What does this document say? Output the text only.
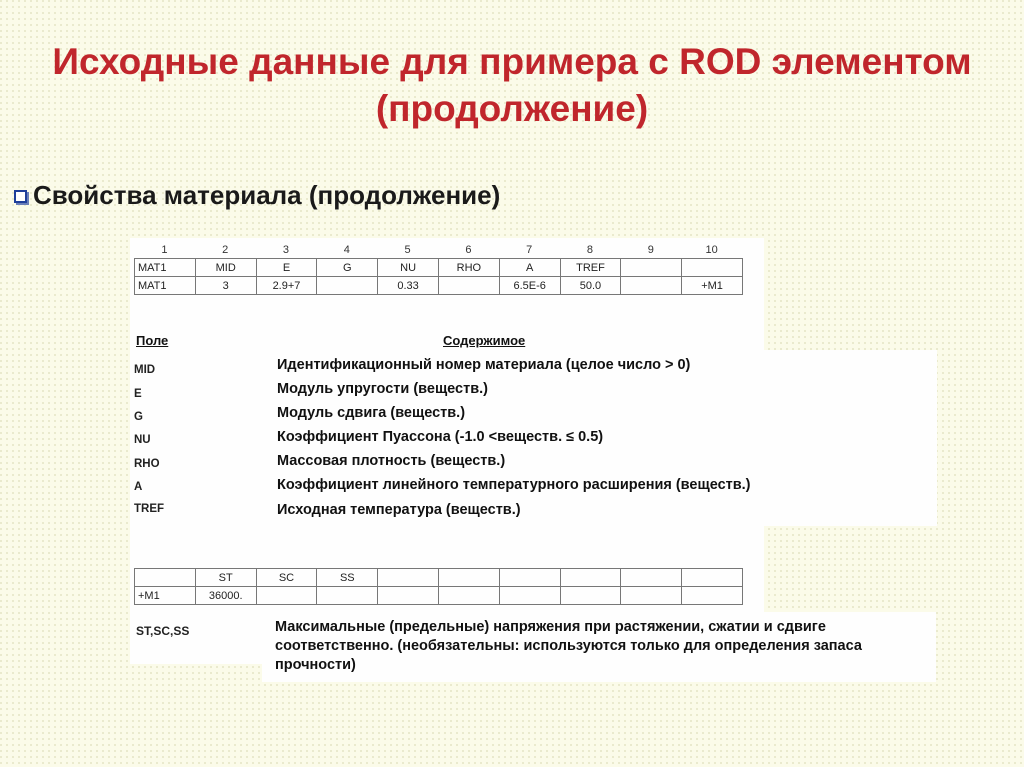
Исходные данные для примера с ROD элементом (продолжение)
Свойства материала (продолжение)
1	2	3	4	5	6	7	8	9	10
MAT1	MID	E	G	NU	RHO	A	TREF		
MAT1	3	2.9+7		0.33		6.5E-6	50.0		+M1
Поле	Содержимое
MID	Идентификационный номер материала (целое число > 0)
E	Модуль упругости (веществ.)
G	Модуль сдвига (веществ.)
NU	Коэффициент Пуассона (-1.0 <веществ. ≤ 0.5)
RHO	Массовая плотность (веществ.)
A	Коэффициент линейного температурного расширения (веществ.)
TREF	Исходная температура (веществ.)
	ST	SC	SS						
+M1	36000.								
ST,SC,SS	Максимальные (предельные) напряжения при растяжении, сжатии и сдвиге соответственно. (необязательны: используются только для определения запаса прочности)
